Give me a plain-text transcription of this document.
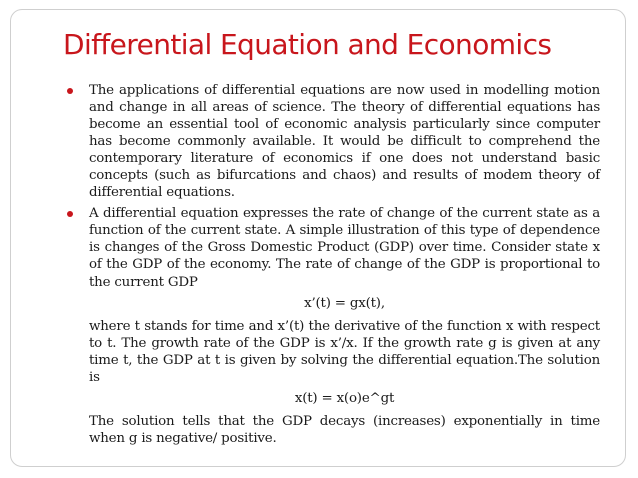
Differential Equation and Economics
The applications of differential equations are now used in modelling motion and change in all areas of science. The theory of differential equations has become an essential tool of economic analysis particularly since computer has become commonly available. It would be difficult to comprehend the contemporary literature of economics if one does not understand basic concepts (such as bifurcations and chaos) and results of modem theory of differential equations.
A differential equation expresses the rate of change of the current state as a function of the current state. A simple illustration of this type of dependence is changes of the Gross Domestic Product (GDP) over time. Consider state x of the GDP of the economy. The rate of change of the GDP is proportional to the current GDP
x’(t) = gx(t),
where t stands for time and x’(t) the derivative of the function x with respect to t. The growth rate of the GDP is x’/x. If the growth rate g is given at any time t, the GDP at t is given by solving the differential equation.The solution is
x(t) = x(o)e^gt
The solution tells that the GDP decays (increases) exponentially in time when g is negative/ positive.
